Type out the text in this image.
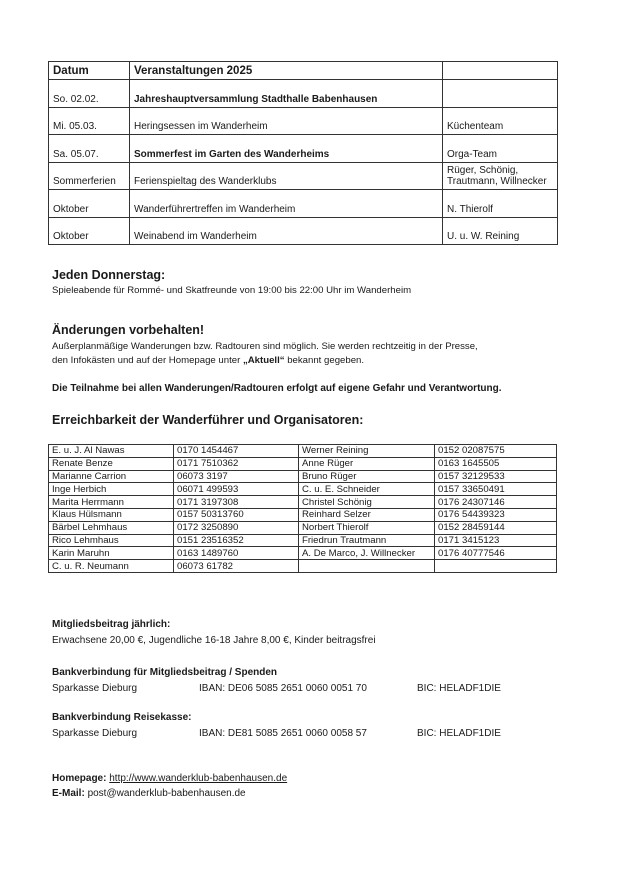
Datum	Veranstaltungen 2025	
So. 02.02.	Jahreshauptversammlung Stadthalle Babenhausen	
Mi. 05.03.	Heringsessen im Wanderheim	Küchenteam
Sa. 05.07.	Sommerfest im Garten des Wanderheims	Orga-Team
Sommerferien	Ferienspieltag des Wanderklubs	Rüger, Schönig,
Trautmann, Willnecker
Oktober	Wanderführertreffen im Wanderheim	N. Thierolf
Oktober	Weinabend im Wanderheim	U. u. W. Reining
Jeden Donnerstag:
Spieleabende für Rommé- und Skatfreunde von 19:00 bis 22:00 Uhr im Wanderheim
Änderungen vorbehalten!
Außerplanmäßige Wanderungen bzw. Radtouren sind möglich. Sie werden rechtzeitig in der Presse,
den Infokästen und auf der Homepage unter „Aktuell“ bekannt gegeben.
Die Teilnahme bei allen Wanderungen/Radtouren erfolgt auf eigene Gefahr und Verantwortung.
Erreichbarkeit der Wanderführer und Organisatoren:
E. u. J. Al Nawas	0170 1454467	Werner Reining	0152 02087575
Renate Benze	0171 7510362	Anne Rüger	0163 1645505
Marianne Carrion	06073 3197	Bruno Rüger	0157 32129533
Inge Herbich	06071 499593	C. u. E. Schneider	0157 33650491
Marita Herrmann	0171 3197308	Christel Schönig	0176 24307146
Klaus Hülsmann	0157 50313760	Reinhard Selzer	0176 54439323
Bärbel Lehmhaus	0172 3250890	Norbert Thierolf	0152 28459144
Rico Lehmhaus	0151 23516352	Friedrun Trautmann	0171 3415123
Karin Maruhn	0163 1489760	A. De Marco, J. Willnecker	0176 40777546
C. u. R. Neumann	06073 61782		
Mitgliedsbeitrag jährlich:
Erwachsene 20,00 €, Jugendliche 16-18 Jahre 8,00 €, Kinder beitragsfrei
Bankverbindung für Mitgliedsbeitrag / Spenden
Sparkasse Dieburg	IBAN: DE06 5085 2651 0060 0051 70	BIC: HELADF1DIE
Bankverbindung Reisekasse:
Sparkasse Dieburg	IBAN: DE81 5085 2651 0060 0058 57	BIC: HELADF1DIE
Homepage: http://www.wanderklub-babenhausen.de
E-Mail: post@wanderklub-babenhausen.de
